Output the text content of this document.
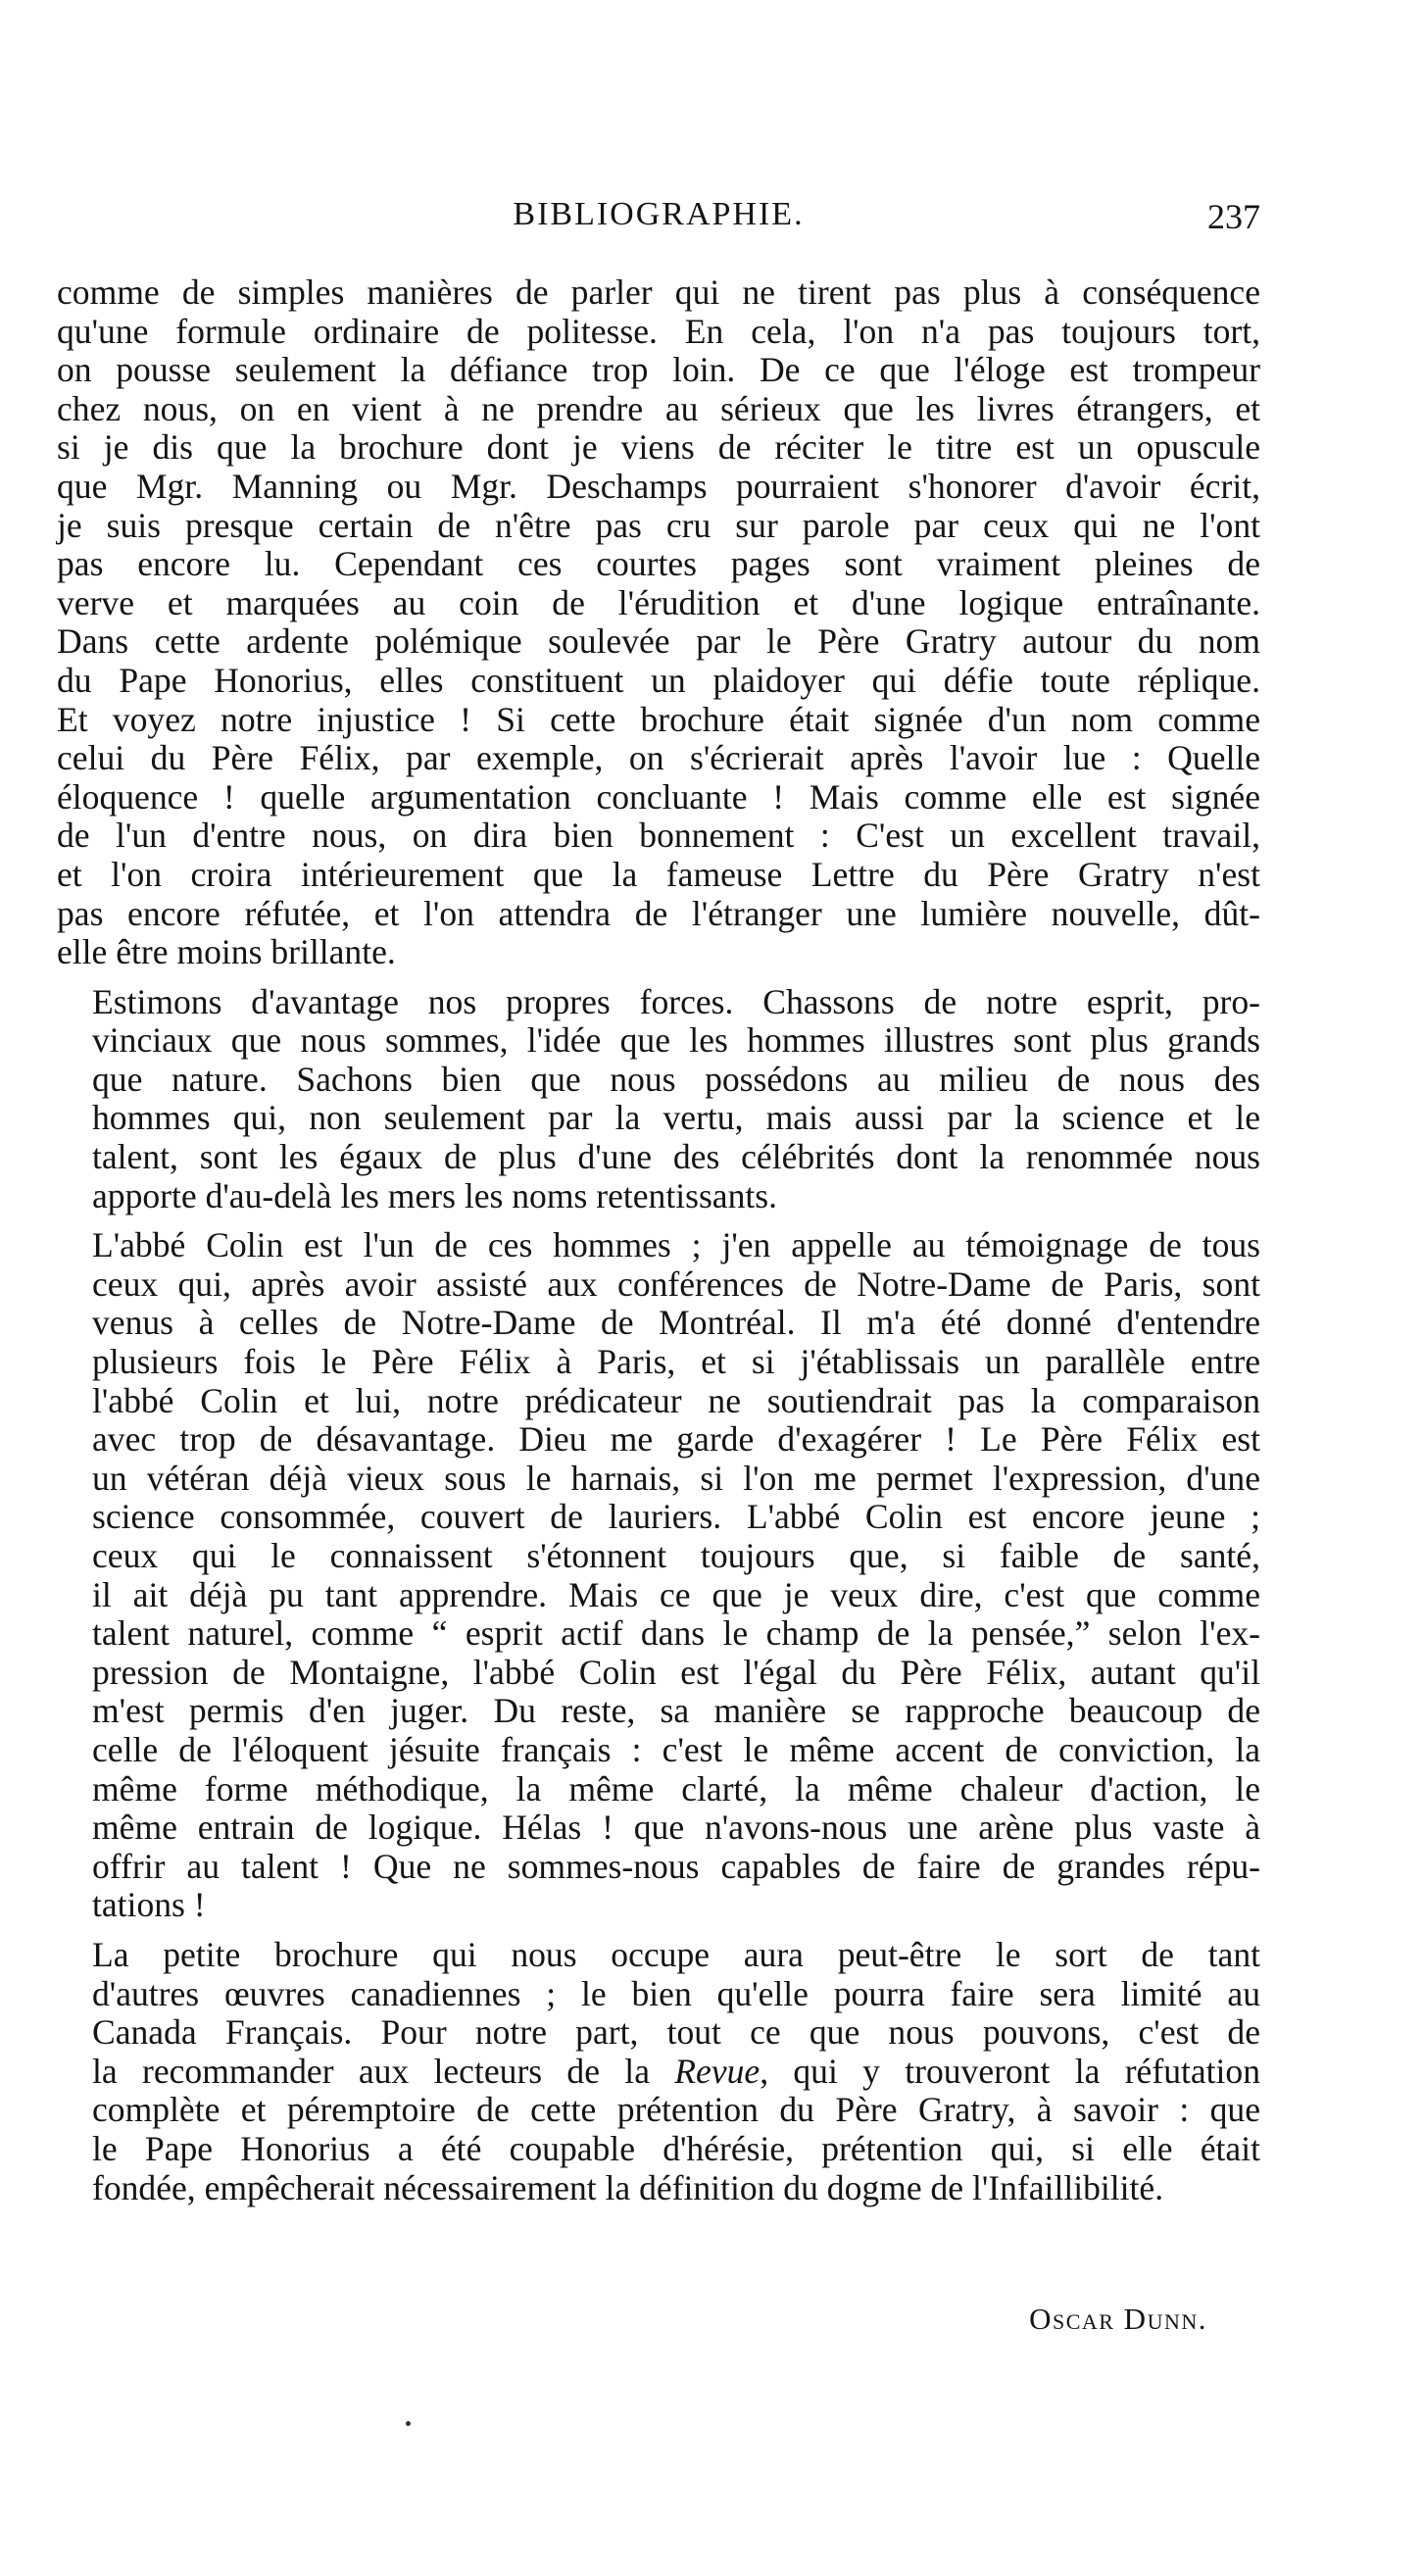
BIBLIOGRAPHIE.	237

comme de simples manières de parler qui ne tirent pas plus à conséquence
qu'une formule ordinaire de politesse. En cela, l'on n'a pas toujours tort,
on pousse seulement la défiance trop loin. De ce que l'éloge est trompeur
chez nous, on en vient à ne prendre au sérieux que les livres étrangers, et
si je dis que la brochure dont je viens de réciter le titre est un opuscule
que Mgr. Manning ou Mgr. Deschamps pourraient s'honorer d'avoir écrit,
je suis presque certain de n'être pas cru sur parole par ceux qui ne l'ont
pas encore lu. Cependant ces courtes pages sont vraiment pleines de
verve et marquées au coin de l'érudition et d'une logique entraînante.
Dans cette ardente polémique soulevée par le Père Gratry autour du nom
du Pape Honorius, elles constituent un plaidoyer qui défie toute réplique.
Et voyez notre injustice ! Si cette brochure était signée d'un nom comme
celui du Père Félix, par exemple, on s'écrierait après l'avoir lue : Quelle
éloquence ! quelle argumentation concluante ! Mais comme elle est signée
de l'un d'entre nous, on dira bien bonnement : C'est un excellent travail,
et l'on croira intérieurement que la fameuse Lettre du Père Gratry n'est
pas encore réfutée, et l'on attendra de l'étranger une lumière nouvelle, dût-
elle être moins brillante.

Estimons d'avantage nos propres forces. Chassons de notre esprit, pro-
vinciaux que nous sommes, l'idée que les hommes illustres sont plus grands
que nature. Sachons bien que nous possédons au milieu de nous des
hommes qui, non seulement par la vertu, mais aussi par la science et le
talent, sont les égaux de plus d'une des célébrités dont la renommée nous
apporte d'au-delà les mers les noms retentissants.

L'abbé Colin est l'un de ces hommes ; j'en appelle au témoignage de tous
ceux qui, après avoir assisté aux conférences de Notre-Dame de Paris, sont
venus à celles de Notre-Dame de Montréal. Il m'a été donné d'entendre
plusieurs fois le Père Félix à Paris, et si j'établissais un parallèle entre
l'abbé Colin et lui, notre prédicateur ne soutiendrait pas la comparaison
avec trop de désavantage. Dieu me garde d'exagérer ! Le Père Félix est
un vétéran déjà vieux sous le harnais, si l'on me permet l'expression, d'une
science consommée, couvert de lauriers. L'abbé Colin est encore jeune ;
ceux qui le connaissent s'étonnent toujours que, si faible de santé,
il ait déjà pu tant apprendre. Mais ce que je veux dire, c'est que comme
talent naturel, comme “ esprit actif dans le champ de la pensée,” selon l'ex-
pression de Montaigne, l'abbé Colin est l'égal du Père Félix, autant qu'il
m'est permis d'en juger. Du reste, sa manière se rapproche beaucoup de
celle de l'éloquent jésuite français : c'est le même accent de conviction, la
même forme méthodique, la même clarté, la même chaleur d'action, le
même entrain de logique. Hélas ! que n'avons-nous une arène plus vaste à
offrir au talent ! Que ne sommes-nous capables de faire de grandes répu-
tations !

La petite brochure qui nous occupe aura peut-être le sort de tant
d'autres œuvres canadiennes ; le bien qu'elle pourra faire sera limité au
Canada Français. Pour notre part, tout ce que nous pouvons, c'est de
la recommander aux lecteurs de la Revue, qui y trouveront la réfutation
complète et péremptoire de cette prétention du Père Gratry, à savoir : que
le Pape Honorius a été coupable d'hérésie, prétention qui, si elle était
fondée, empêcherait nécessairement la définition du dogme de l'Infaillibilité.

Oscar Dunn.
